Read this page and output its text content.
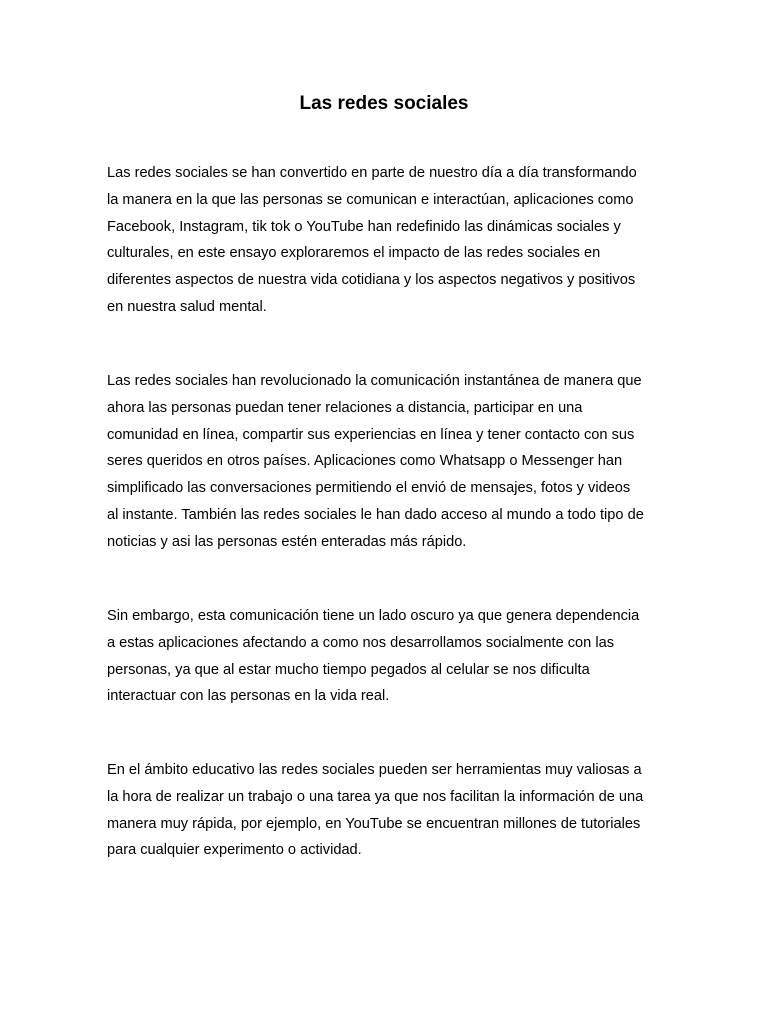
Las redes sociales

Las redes sociales se han convertido en parte de nuestro día a día transformando
la manera en la que las personas se comunican e interactúan, aplicaciones como
Facebook, Instagram, tik tok o YouTube han redefinido las dinámicas sociales y
culturales, en este ensayo exploraremos el impacto de las redes sociales en
diferentes aspectos de nuestra vida cotidiana y los aspectos negativos y positivos
en nuestra salud mental.

Las redes sociales han revolucionado la comunicación instantánea de manera que
ahora las personas puedan tener relaciones a distancia, participar en una
comunidad en línea, compartir sus experiencias en línea y tener contacto con sus
seres queridos en otros países. Aplicaciones como Whatsapp o Messenger han
simplificado las conversaciones permitiendo el envió de mensajes, fotos y videos
al instante. También las redes sociales le han dado acceso al mundo a todo tipo de
noticias y asi las personas estén enteradas más rápido.

Sin embargo, esta comunicación tiene un lado oscuro ya que genera dependencia
a estas aplicaciones afectando a como nos desarrollamos socialmente con las
personas, ya que al estar mucho tiempo pegados al celular se nos dificulta
interactuar con las personas en la vida real.

En el ámbito educativo las redes sociales pueden ser herramientas muy valiosas a
la hora de realizar un trabajo o una tarea ya que nos facilitan la información de una
manera muy rápida, por ejemplo, en YouTube se encuentran millones de tutoriales
para cualquier experimento o actividad.
